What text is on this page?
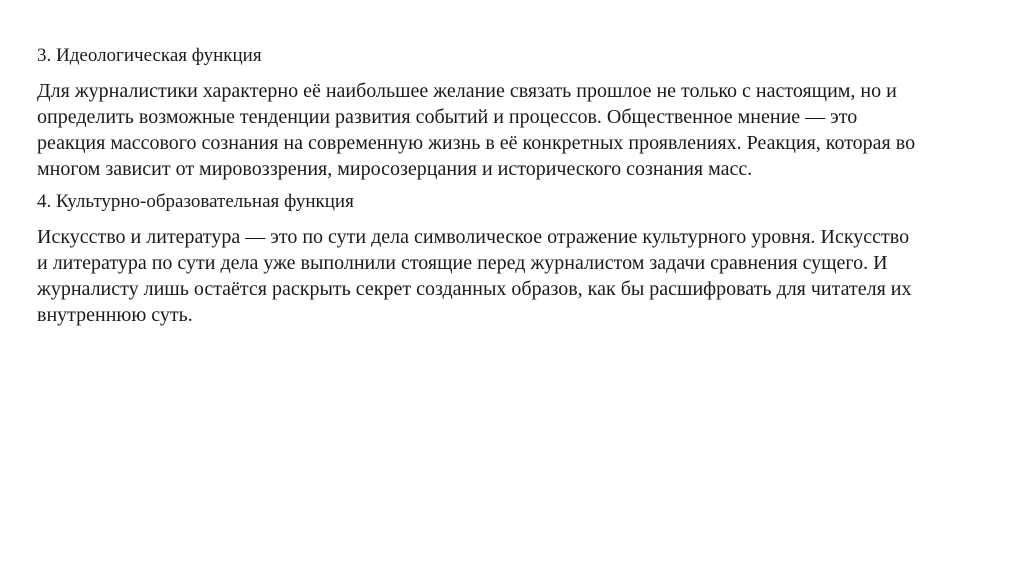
3. Идеологическая функция
Для журналистики характерно её наибольшее желание связать прошлое не только с настоящим, но и определить возможные тенденции развития событий и процессов. Общественное мнение — это реакция массового сознания на современную жизнь в её конкретных проявлениях. Реакция, которая во многом зависит от мировоззрения, миросозерцания и исторического сознания масс.
4. Культурно-образовательная функция
Искусство и литература — это по сути дела символическое отражение культурного уровня. Искусство и литература по сути дела уже выполнили стоящие перед журналистом задачи сравнения сущего. И журналисту лишь остаётся раскрыть секрет созданных образов, как бы расшифровать для читателя их внутреннюю суть.
